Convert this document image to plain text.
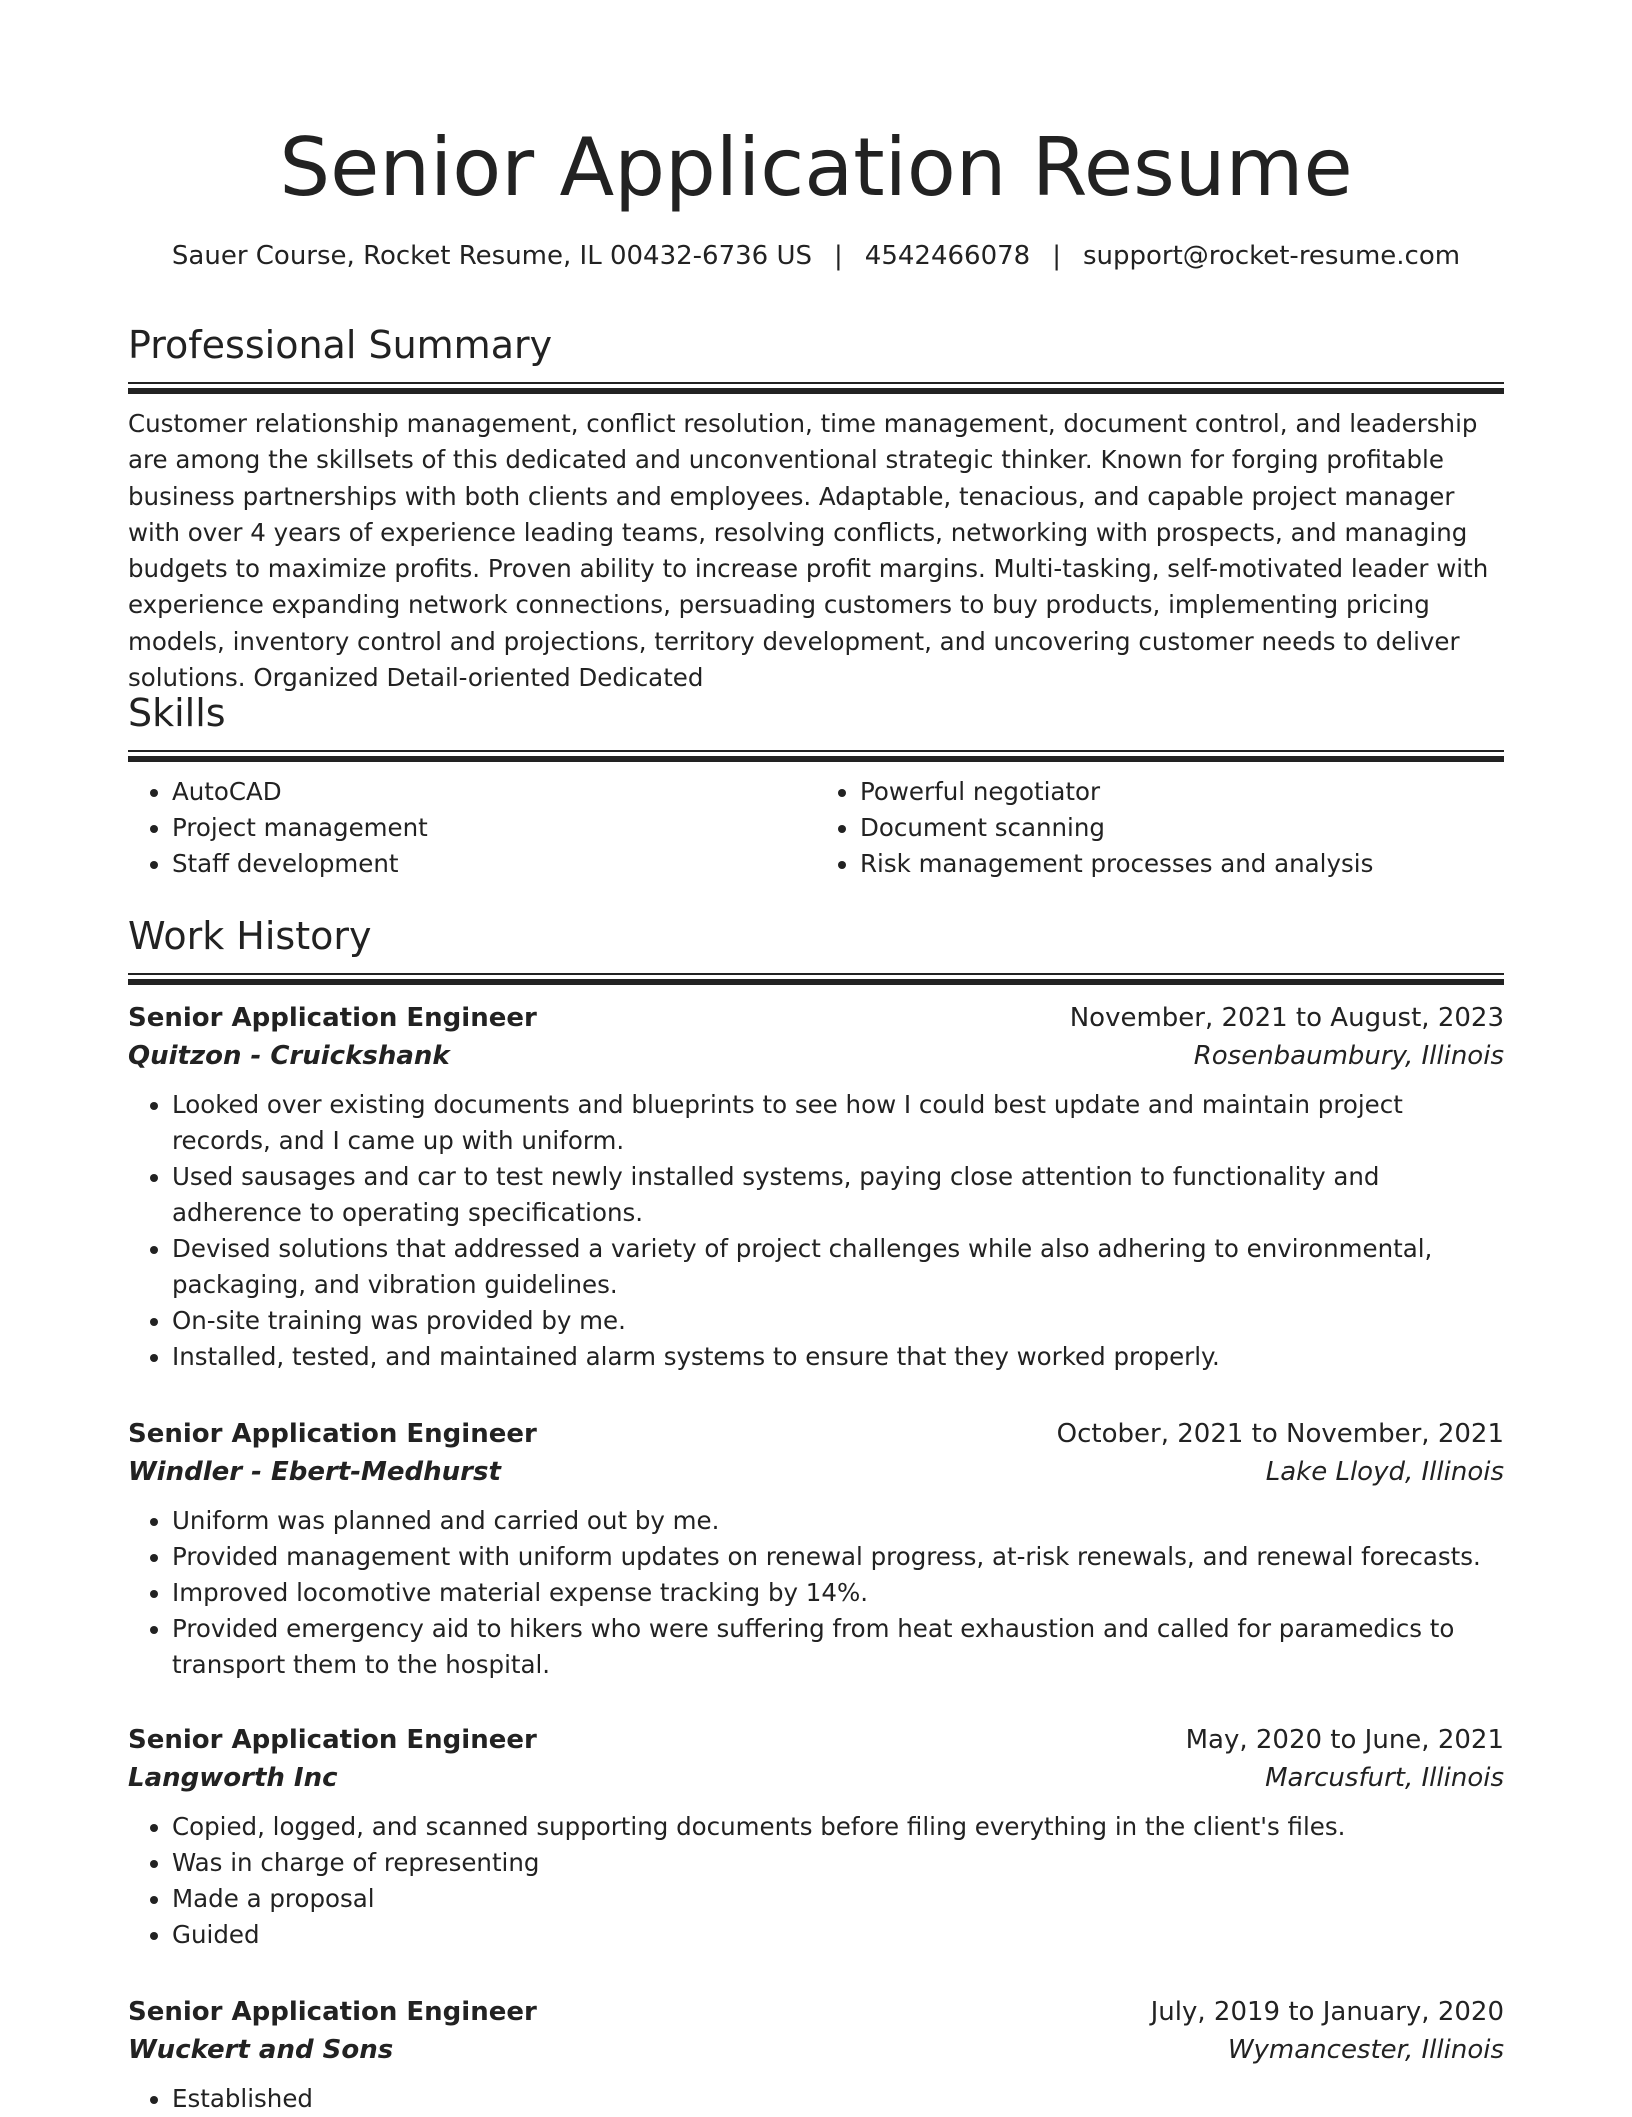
Senior Application Resume
Sauer Course, Rocket Resume, IL 00432-6736 US | 4542466078 | support@rocket-resume.com
Professional Summary

Customer relationship management, conflict resolution, time management, document control, and leadership are among the skillsets of this dedicated and unconventional strategic thinker. Known for forging profitable business partnerships with both clients and employees. Adaptable, tenacious, and capable project manager with over 4 years of experience leading teams, resolving conflicts, networking with prospects, and managing budgets to maximize profits. Proven ability to increase profit margins. Multi-tasking, self-motivated leader with experience expanding network connections, persuading customers to buy products, implementing pricing models, inventory control and projections, territory development, and uncovering customer needs to deliver solutions. Organized Detail-oriented Dedicated

Skills
• AutoCAD
• Project management
• Staff development
• Powerful negotiator
• Document scanning
• Risk management processes and analysis
Work History
Senior Application Engineer	November, 2021 to August, 2023
Quitzon - Cruickshank	Rosenbaumbury, Illinois
• Looked over existing documents and blueprints to see how I could best update and maintain project records, and I came up with uniform.
• Used sausages and car to test newly installed systems, paying close attention to functionality and adherence to operating specifications.
• Devised solutions that addressed a variety of project challenges while also adhering to environmental, packaging, and vibration guidelines.
• On-site training was provided by me.
• Installed, tested, and maintained alarm systems to ensure that they worked properly.
Senior Application Engineer	October, 2021 to November, 2021
Windler - Ebert-Medhurst	Lake Lloyd, Illinois
• Uniform was planned and carried out by me.
• Provided management with uniform updates on renewal progress, at-risk renewals, and renewal forecasts.
• Improved locomotive material expense tracking by 14%.
• Provided emergency aid to hikers who were suffering from heat exhaustion and called for paramedics to transport them to the hospital.
Senior Application Engineer	May, 2020 to June, 2021
Langworth Inc	Marcusfurt, Illinois
• Copied, logged, and scanned supporting documents before filing everything in the client's files.
• Was in charge of representing
• Made a proposal
• Guided
Senior Application Engineer	July, 2019 to January, 2020
Wuckert and Sons	Wymancester, Illinois
• Established
